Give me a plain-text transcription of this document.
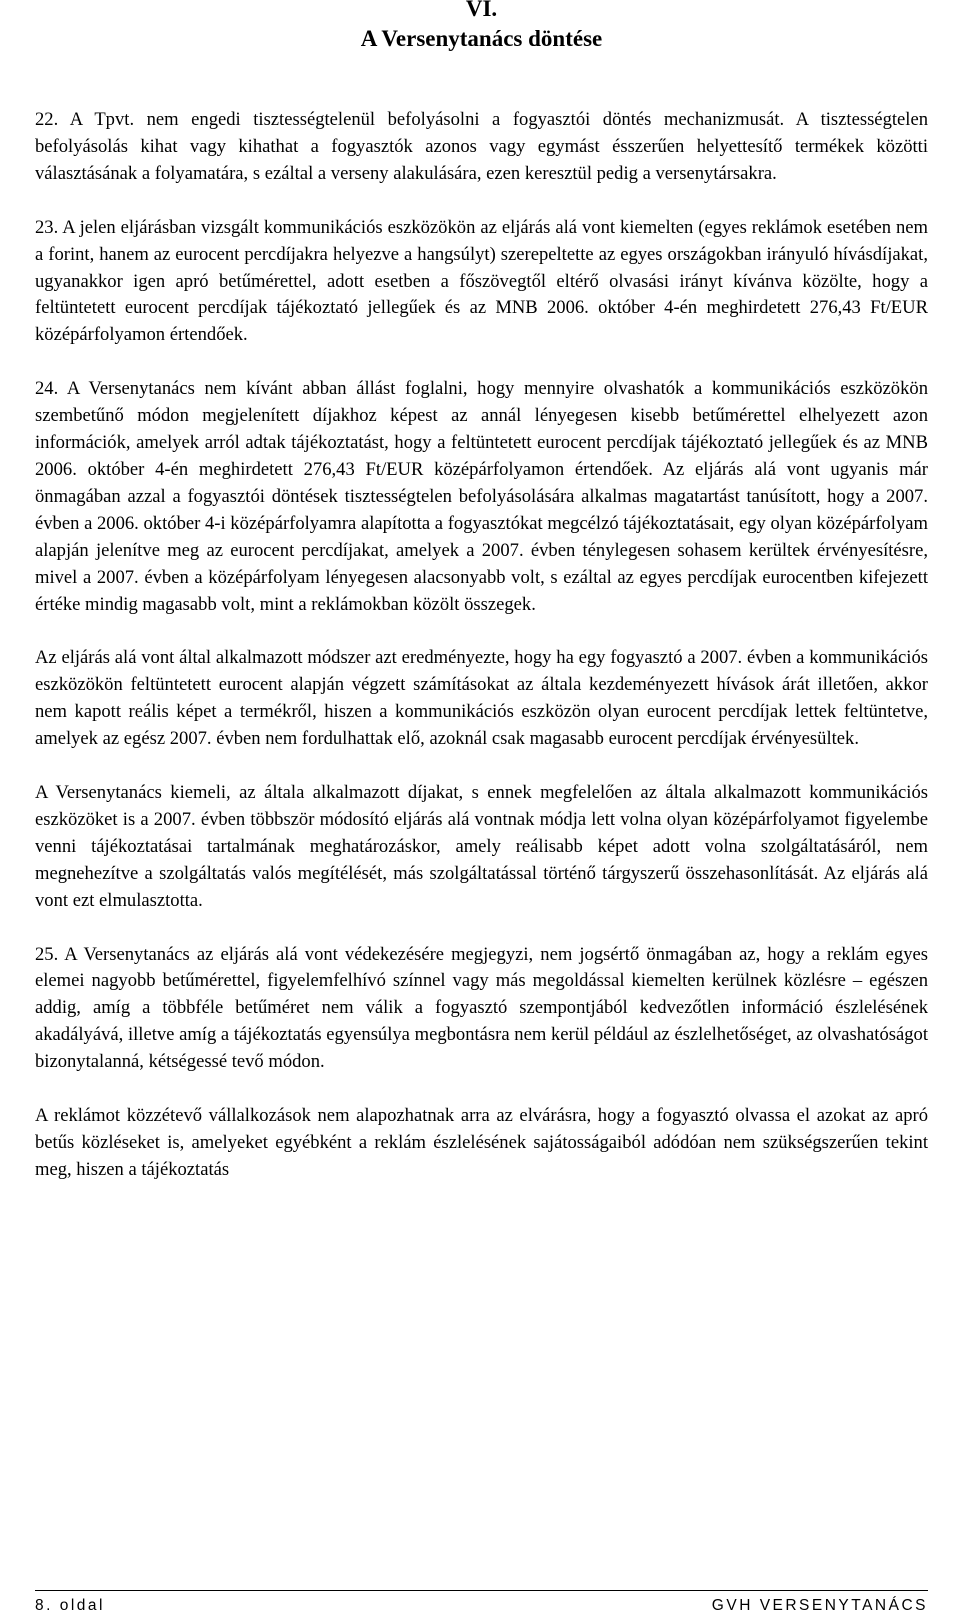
VI.
A Versenytanács döntése

22. A Tpvt. nem engedi tisztességtelenül befolyásolni a fogyasztói döntés mechanizmusát. A tisztességtelen befolyásolás kihat vagy kihathat a fogyasztók azonos vagy egymást ésszerűen helyettesítő termékek közötti választásának a folyamatára, s ezáltal a verseny alakulására, ezen keresztül pedig a versenytársakra.

23. A jelen eljárásban vizsgált kommunikációs eszközökön az eljárás alá vont kiemelten (egyes reklámok esetében nem a forint, hanem az eurocent percdíjakra helyezve a hangsúlyt) szerepeltette az egyes országokban irányuló hívásdíjakat, ugyanakkor igen apró betűmérettel, adott esetben a főszövegtől eltérő olvasási irányt kívánva közölte, hogy a feltüntetett eurocent percdíjak tájékoztató jellegűek és az MNB 2006. október 4-én meghirdetett 276,43 Ft/EUR középárfolyamon értendőek.

24. A Versenytanács nem kívánt abban állást foglalni, hogy mennyire olvashatók a kommunikációs eszközökön szembetűnő módon megjelenített díjakhoz képest az annál lényegesen kisebb betűmérettel elhelyezett azon információk, amelyek arról adtak tájékoztatást, hogy a feltüntetett eurocent percdíjak tájékoztató jellegűek és az MNB 2006. október 4-én meghirdetett 276,43 Ft/EUR középárfolyamon értendőek. Az eljárás alá vont ugyanis már önmagában azzal a fogyasztói döntések tisztességtelen befolyásolására alkalmas magatartást tanúsított, hogy a 2007. évben a 2006. október 4-i középárfolyamra alapította a fogyasztókat megcélzó tájékoztatásait, egy olyan középárfolyam alapján jelenítve meg az eurocent percdíjakat, amelyek a 2007. évben ténylegesen sohasem kerültek érvényesítésre, mivel a 2007. évben a középárfolyam lényegesen alacsonyabb volt, s ezáltal az egyes percdíjak eurocentben kifejezett értéke mindig magasabb volt, mint a reklámokban közölt összegek.

Az eljárás alá vont által alkalmazott módszer azt eredményezte, hogy ha egy fogyasztó a 2007. évben a kommunikációs eszközökön feltüntetett eurocent alapján végzett számításokat az általa kezdeményezett hívások árát illetően, akkor nem kapott reális képet a termékről, hiszen a kommunikációs eszközön olyan eurocent percdíjak lettek feltüntetve, amelyek az egész 2007. évben nem fordulhattak elő, azoknál csak magasabb eurocent percdíjak érvényesültek.

A Versenytanács kiemeli, az általa alkalmazott díjakat, s ennek megfelelően az általa alkalmazott kommunikációs eszközöket is a 2007. évben többször módosító eljárás alá vontnak módja lett volna olyan középárfolyamot figyelembe venni tájékoztatásai tartalmának meghatározáskor, amely reálisabb képet adott volna szolgáltatásáról, nem megnehezítve a szolgáltatás valós megítélését, más szolgáltatással történő tárgyszerű összehasonlítását. Az eljárás alá vont ezt elmulasztotta.

25. A Versenytanács az eljárás alá vont védekezésére megjegyzi, nem jogsértő önmagában az, hogy a reklám egyes elemei nagyobb betűmérettel, figyelemfelhívó színnel vagy más megoldással kiemelten kerülnek közlésre – egészen addig, amíg a többféle betűméret nem válik a fogyasztó szempontjából kedvezőtlen információ észlelésének akadályává, illetve amíg a tájékoztatás egyensúlya megbontásra nem kerül például az észlelhetőséget, az olvashatóságot bizonytalanná, kétségessé tevő módon.

A reklámot közzétevő vállalkozások nem alapozhatnak arra az elvárásra, hogy a fogyasztó olvassa el azokat az apró betűs közléseket is, amelyeket egyébként a reklám észlelésének sajátosságaiból adódóan nem szükségszerűen tekint meg, hiszen a tájékoztatás

8. oldal	GVH VERSENYTANÁCS
